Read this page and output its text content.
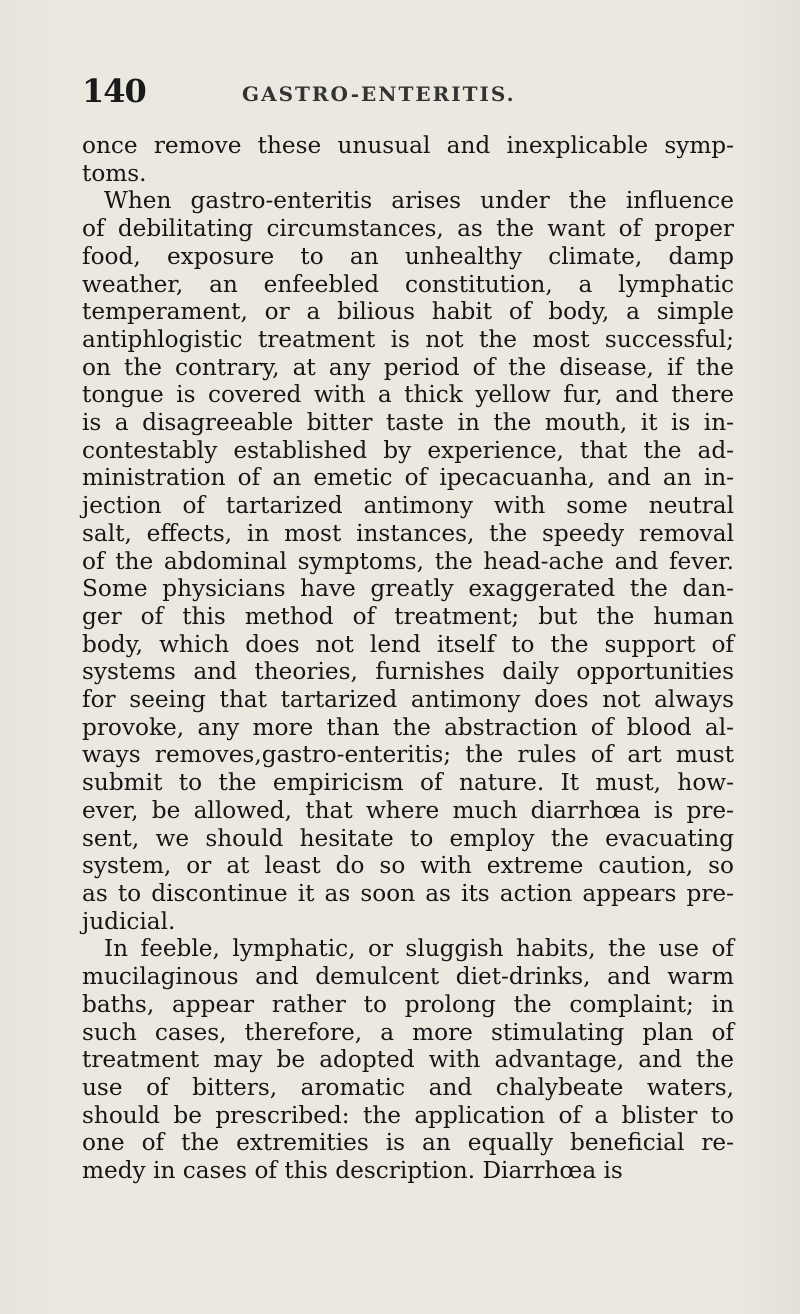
140	GASTRO-ENTERITIS.

once remove these unusual and inexplicable symp-
toms.

When gastro-enteritis arises under the influence
of debilitating circumstances, as the want of proper
food, exposure to an unhealthy climate, damp
weather, an enfeebled constitution, a lymphatic
temperament, or a bilious habit of body, a simple
antiphlogistic treatment is not the most successful;
on the contrary, at any period of the disease, if the
tongue is covered with a thick yellow fur, and there
is a disagreeable bitter taste in the mouth, it is in-
contestably established by experience, that the ad-
ministration of an emetic of ipecacuanha, and an in-
jection of tartarized antimony with some neutral
salt, effects, in most instances, the speedy removal
of the abdominal symptoms, the head-ache and fever.
Some physicians have greatly exaggerated the dan-
ger of this method of treatment; but the human
body, which does not lend itself to the support of
systems and theories, furnishes daily opportunities
for seeing that tartarized antimony does not always
provoke, any more than the abstraction of blood al-
ways removes,gastro-enteritis; the rules of art must
submit to the empiricism of nature. It must, how-
ever, be allowed, that where much diarrhœa is pre-
sent, we should hesitate to employ the evacuating
system, or at least do so with extreme caution, so
as to discontinue it as soon as its action appears pre-
judicial.

In feeble, lymphatic, or sluggish habits, the use of
mucilaginous and demulcent diet-drinks, and warm
baths, appear rather to prolong the complaint; in
such cases, therefore, a more stimulating plan of
treatment may be adopted with advantage, and the
use of bitters, aromatic and chalybeate waters,
should be prescribed: the application of a blister to
one of the extremities is an equally beneficial re-
medy in cases of this description. Diarrhœa is
